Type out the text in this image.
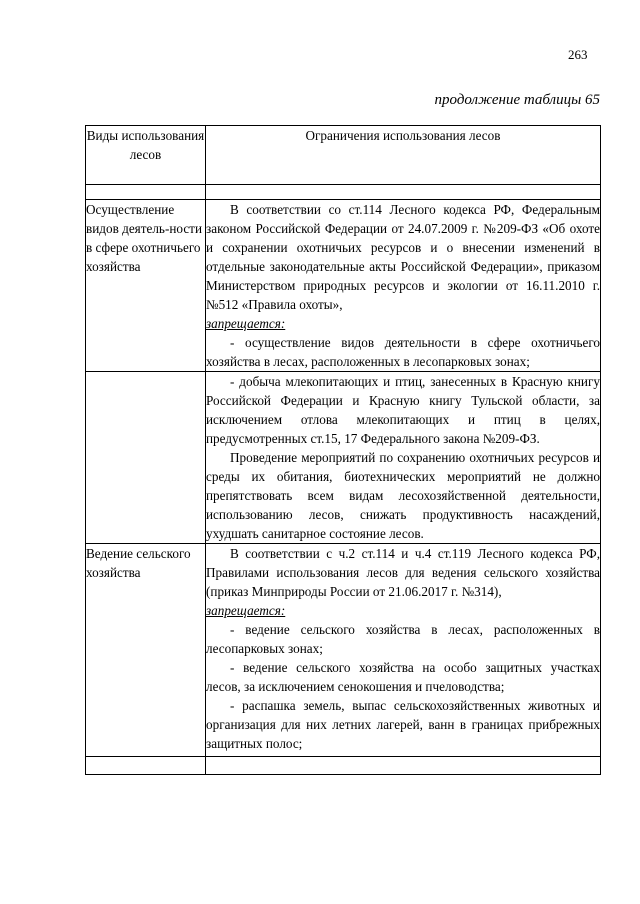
263
продолжение таблицы 65
Виды использования лесов	Ограничения использования лесов

Осуществление видов деятель-ности в сфере охотничьего хозяйства	В соответствии со ст.114 Лесного кодекса РФ, Федеральным законом Российской Федерации от 24.07.2009 г. №209-ФЗ «Об охоте и сохранении охотничьих ресурсов и о внесении изменений в отдельные законодательные акты Российской Федерации», приказом Министерством природных ресурсов и экологии от 16.11.2010 г. №512 «Правила охоты»,

запрещается:

- осуществление видов деятельности в сфере охотничьего хозяйства в лесах, расположенных в лесопарковых зонах;

	- добыча млекопитающих и птиц, занесенных в Красную книгу Российской Федерации и Красную книгу Тульской области, за исключением отлова млекопитающих и птиц в целях, предусмотренных ст.15, 17 Федерального закона №209-ФЗ.

Проведение мероприятий по сохранению охотничьих ресурсов и среды их обитания, биотехнических мероприятий не должно препятствовать всем видам лесохозяйственной деятельности, использованию лесов, снижать продуктивность насаждений, ухудшать санитарное состояние лесов.

Ведение сельского хозяйства	В соответствии с ч.2 ст.114 и ч.4 ст.119 Лесного кодекса РФ, Правилами использования лесов для ведения сельского хозяйства (приказ Минприроды России от 21.06.2017 г. №314),

запрещается:

- ведение сельского хозяйства в лесах, расположенных в лесопарковых зонах;

- ведение сельского хозяйства на особо защитных участках лесов, за исключением сенокошения и пчеловодства;

- распашка земель, выпас сельскохозяйственных животных и организация для них летних лагерей, ванн в границах прибрежных защитных полос;
